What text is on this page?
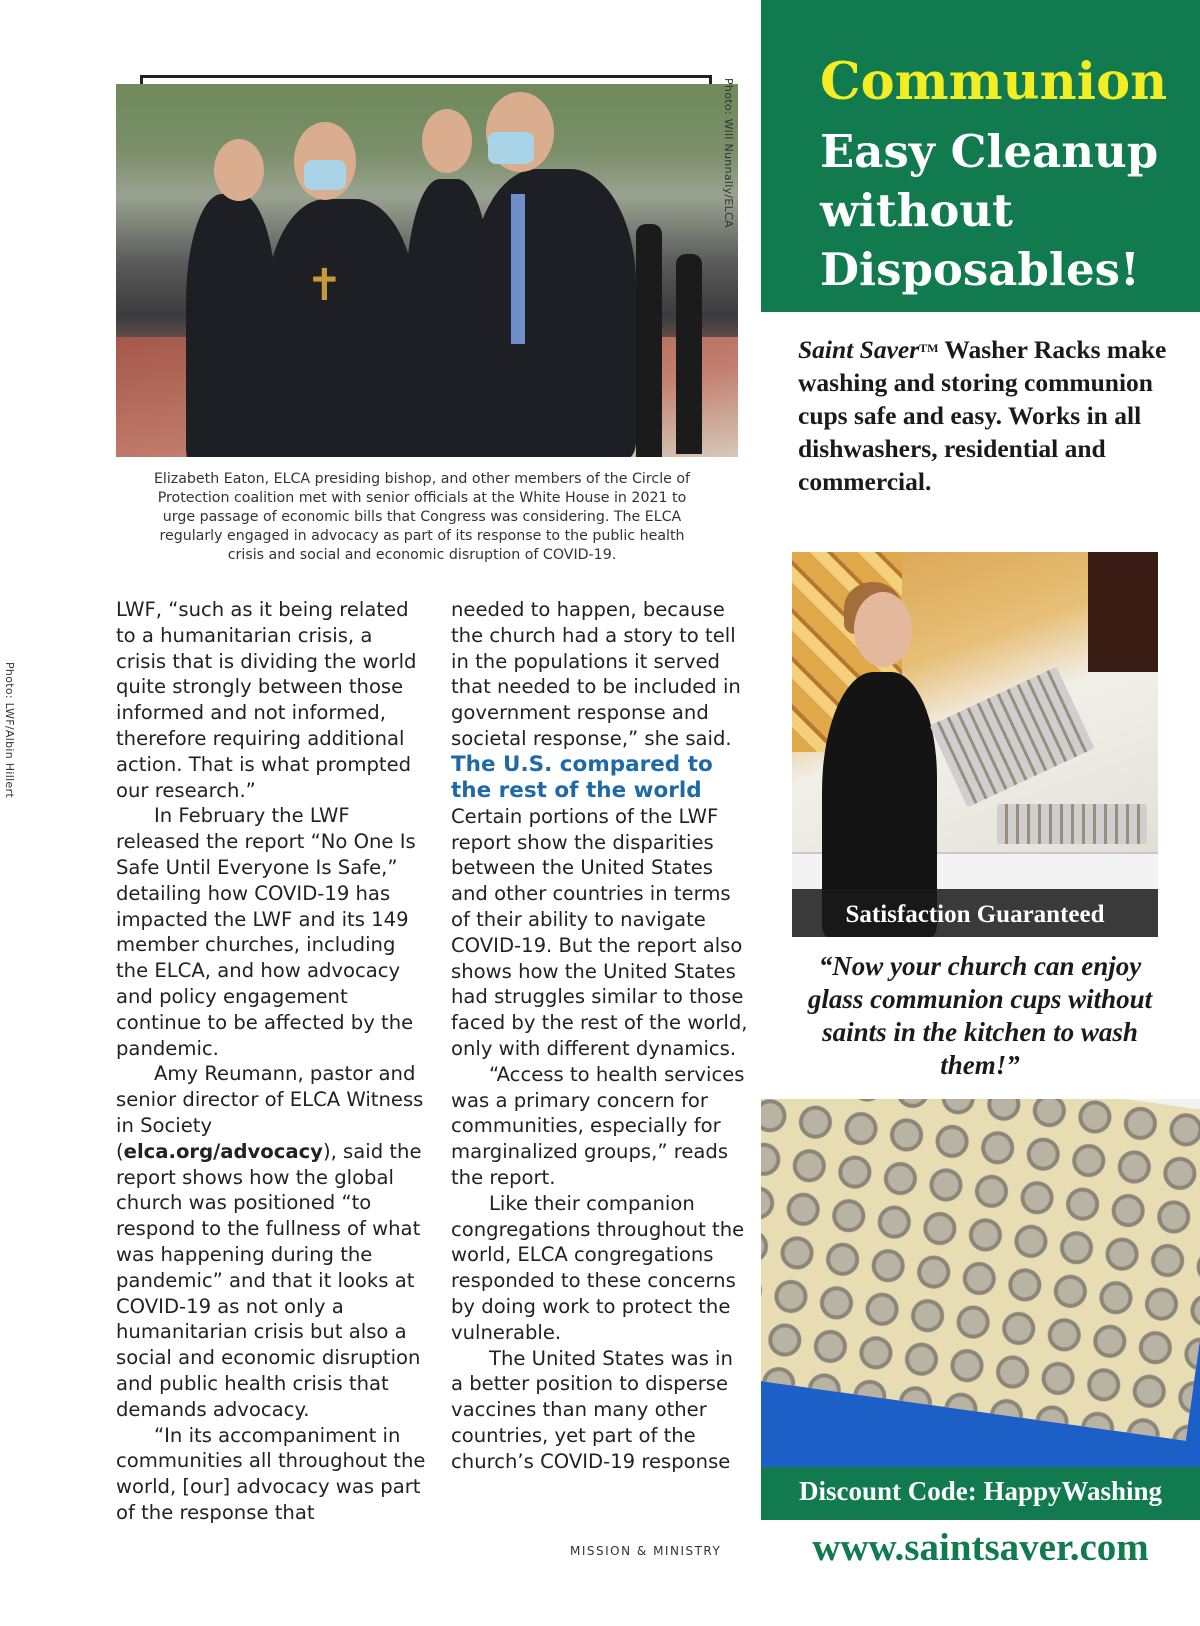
✝
Photo: Will Nunnally/ELCA
Elizabeth Eaton, ELCA presiding bishop, and other members of the Circle of Protection coalition met with senior officials at the White House in 2021 to urge passage of economic bills that Congress was considering. The ELCA regularly engaged in advocacy as part of its response to the public health crisis and social and economic disruption of COVID-19.
Photo: LWF/Albin Hillert

LWF, “such as it being related to a humanitarian crisis, a crisis that is dividing the world quite strongly between those informed and not informed, therefore requiring additional action. That is what prompted our research.”

In February the LWF released the report “No One Is Safe Until Everyone Is Safe,” detailing how COVID-19 has impacted the LWF and its 149 member churches, including the ELCA, and how advocacy and policy engagement continue to be affected by the pandemic.

Amy Reumann, pastor and senior director of ELCA Witness in Society (elca.org/advocacy), said the report shows how the global church was positioned “to respond to the fullness of what was happening during the pandemic” and that it looks at COVID-19 as not only a humanitarian crisis but also a social and economic disruption and public health crisis that demands advocacy.

“In its accompaniment in communities all throughout the world, [our] advocacy was part of the response that

needed to happen, because the church had a story to tell in the populations it served that needed to be included in government response and societal response,” she said.

The U.S. compared to the rest of the world

Certain portions of the LWF report show the disparities between the United States and other countries in terms of their ability to navigate COVID-19. But the report also shows how the United States had struggles similar to those faced by the rest of the world, only with different dynamics.

“Access to health services was a primary concern for communities, especially for marginalized groups,” reads the report.

Like their companion congregations throughout the world, ELCA congregations responded to these concerns by doing work to protect the vulnerable.

The United States was in a better position to disperse vaccines than many other countries, yet part of the church’s COVID-19 response

MISSION & MINISTRY
Communion
Easy Cleanup without Disposables!
Saint Saver™ Washer Racks make washing and storing communion cups safe and easy. Works in all dishwashers, residential and commercial.
Satisfaction Guaranteed
“Now your church can enjoy glass communion cups without saints in the kitchen to wash them!”
Discount Code: HappyWashing
www.saintsaver.com
